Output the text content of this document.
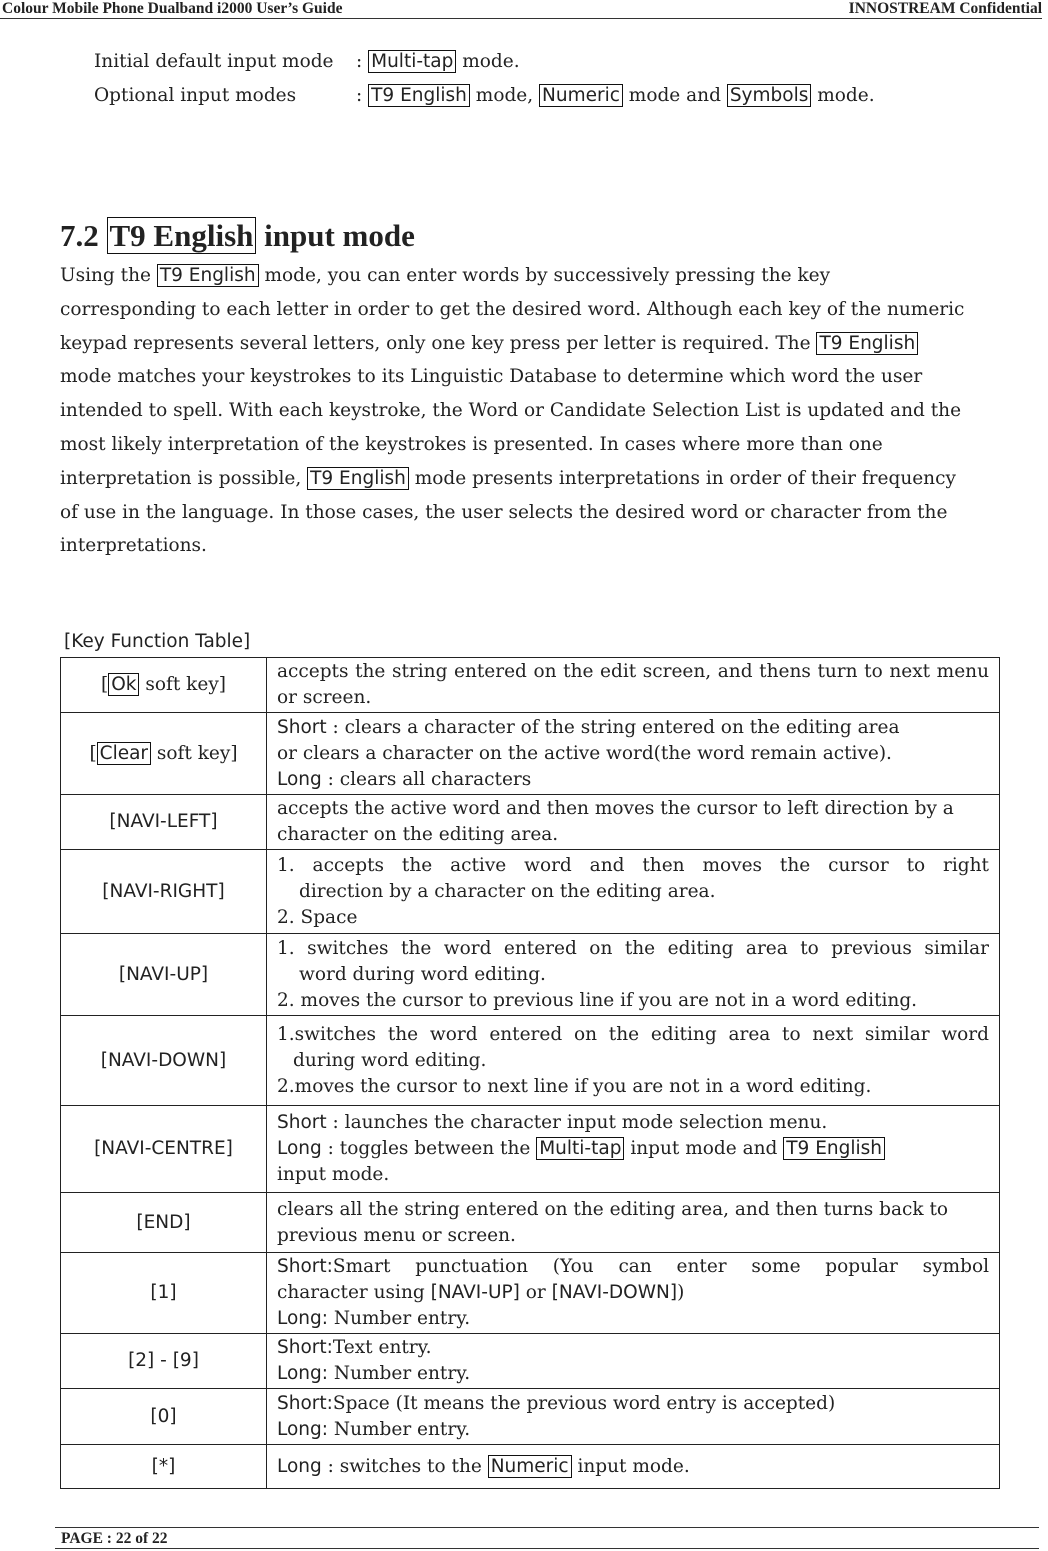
Colour Mobile Phone Dualband i2000 User’s Guide	INNOSTREAM Confidential
Initial default input mode : Multi-tap mode.
Optional input modes	: T9 English mode, Numeric mode and Symbols mode.
7.2 T9 English input mode
Using the T9 English mode, you can enter words by successively pressing the key
corresponding to each letter in order to get the desired word. Although each key of the numeric
keypad represents several letters, only one key press per letter is required. The T9 English
mode matches your keystrokes to its Linguistic Database to determine which word the user
intended to spell. With each keystroke, the Word or Candidate Selection List is updated and the
most likely interpretation of the keystrokes is presented. In cases where more than one
interpretation is possible, T9 English mode presents interpretations in order of their frequency
of use in the language. In those cases, the user selects the desired word or character from the
interpretations.
[Key Function Table]
[ Ok soft key]	accepts the string entered on the edit screen, and thens turn to next menu or screen.
[ Clear soft key]	Short : clears a character of the string entered on the editing area
or clears a character on the active word(the word remain active).
Long : clears all characters

[NAVI-LEFT]	accepts the active word and then moves the cursor to left direction by a character on the editing area.
[NAVI-RIGHT]	1. accepts the active word and then moves the cursor to right
direction by a character on the editing area.
2. Space

[NAVI-UP]	1. switches the word entered on the editing area to previous similar
word during word editing.
2. moves the cursor to previous line if you are not in a word editing.

[NAVI-DOWN]	1.switches the word entered on the editing area to next similar word
during word editing.
2.moves the cursor to next line if you are not in a word editing.

[NAVI-CENTRE]	Short : launches the character input mode selection menu.
Long : toggles between the Multi-tap input mode and T9 English
input mode.

[END]	clears all the string entered on the editing area, and then turns back to previous menu or screen.
[1]	Short:Smart punctuation (You can enter some popular symbol
character using [NAVI-UP] or [NAVI-DOWN])
Long: Number entry.

[2] - [9]	Short:Text entry.
Long: Number entry.

[0]	Short:Space (It means the previous word entry is accepted)
Long: Number entry.

[*]	Long : switches to the Numeric input mode.
PAGE : 22 of 22
